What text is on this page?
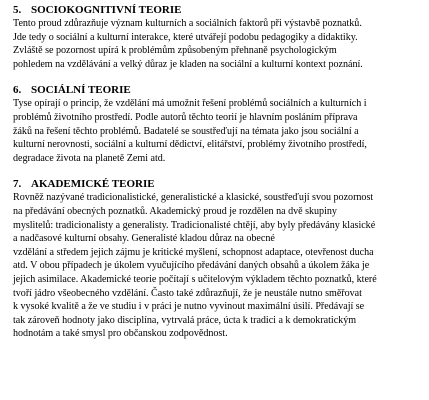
5. SOCIOKOGNITIVNÍ TEORIE
Tento proud zdůrazňuje význam kulturních a sociálních faktorů při výstavbě poznatků.
Jde tedy o sociální a kulturní interakce, které utvářejí podobu pedagogiky a didaktiky.
Zvláště se pozornost upírá k problémům způsobeným přehnaně psychologickým
pohledem na vzdělávání a velký důraz je kladen na sociální a kulturní kontext poznání.
6. SOCIÁLNÍ TEORIE
Tyse opírají o princip, že vzdělání má umožnit řešení problémů sociálních a kulturních i
problémů životního prostředí. Podle autorů těchto teorií je hlavním posláním příprava
žáků na řešení těchto problémů. Badatelé se soustřeďují na témata jako jsou sociální a
kulturní nerovnosti, sociální a kulturní dědictví, elitářství, problémy životního prostředí,
degradace života na planetě Zemi atd.
7. AKADEMICKÉ TEORIE
Rovněž nazývané tradicionalistické, generalistické a klasické, soustřeďují svou pozornost
na předávání obecných poznatků. Akademický proud je rozdělen na dvě skupiny
myslitelů: tradicionalisty a generalisty. Tradicionalisté chtějí, aby byly předávány klasické
a nadčasové kulturní obsahy. Generalisté kladou důraz na obecné
vzdělání a středem jejich zájmu je kritické myšlení, schopnost adaptace, otevřenost ducha
atd. V obou případech je úkolem vyučujícího předávání daných obsahů a úkolem žáka je
jejich asimilace. Akademické teorie počítají s učitelovým výkladem těchto poznatků, které
tvoří jádro všeobecného vzdělání. Často také zdůrazňují, že je neustále nutno směřovat
k vysoké kvalitě a že ve studiu i v práci je nutno vyvinout maximální úsilí. Předávají se
tak zároveň hodnoty jako disciplína, vytrvalá práce, úcta k tradici a k demokratickým
hodnotám a také smysl pro občanskou zodpovědnost.
